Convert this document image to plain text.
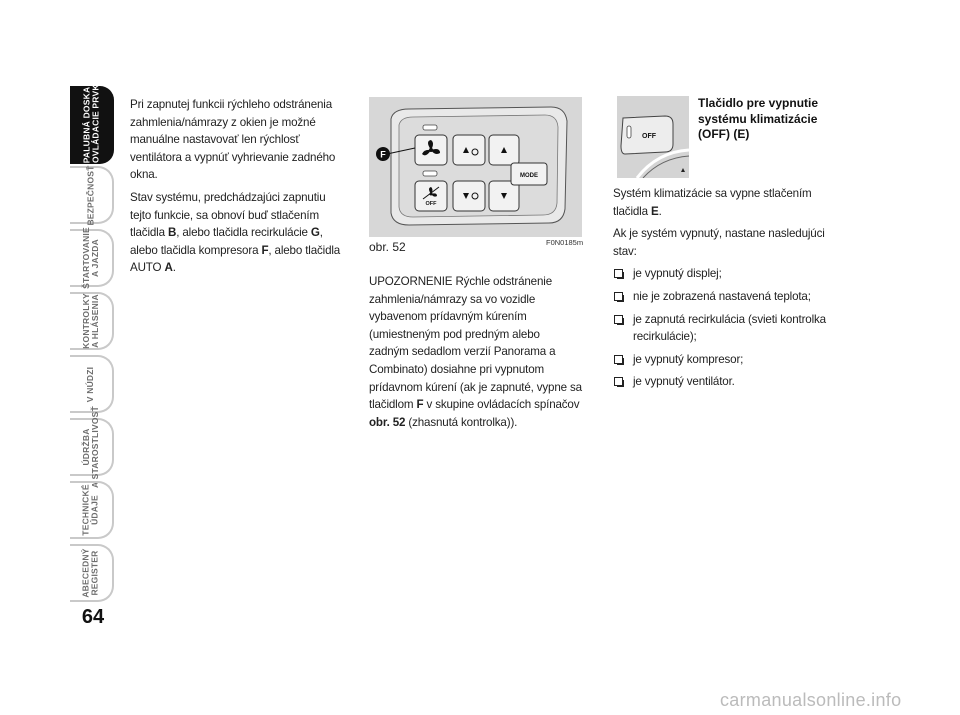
PALUBNÁ DOSKA
A OVLÁDACIE PRVKY
BEZPEČNOSŤ
ŠTARTOVANIE
A JAZDA
KONTROLKY
A HLÁSENIA
V NÚDZI
ÚDRŽBA
A STAROSTLIVOSŤ
TECHNICKÉ
ÚDAJE
ABECEDNÝ
REGISTER
64

Pri zapnutej funkcii rýchleho odstránenia zahmlenia/námrazy z okien je možné manuálne nastavovať len rýchlosť ventilátora a vypnúť vyhrievanie zadného okna.

Stav systému, predchádzajúci zapnutiu tejto funkcie, sa obnoví buď stlačením tlačidla B, alebo tlačidla recirkulácie G, alebo tlačidla kompresora F, alebo tlačidla AUTO A.

MODE
OFF
F
obr. 52	F0N0185m

UPOZORNENIE Rýchle odstránenie zahmlenia/námrazy sa vo vozidle vybavenom prídavným kúrením (umiestneným pod predným alebo zadným sedadlom verzií Panorama a Combinato) dosiahne pri vypnutom prídavnom kúrení (ak je zapnuté, vypne sa tlačidlom F v skupine ovládacích spínačov obr. 52 (zhasnutá kontrolka)).

OFF
Tlačidlo pre vypnutie systému klimatizácie (OFF) (E)

Systém klimatizácie sa vypne stlačením tlačidla E.

Ak je systém vypnutý, nastane nasledujúci stav:

je vypnutý displej;
nie je zobrazená nastavená teplota;
je zapnutá recirkulácia (svieti kontrolka recirkulácie);
je vypnutý kompresor;
je vypnutý ventilátor.
carmanualsonline.info
